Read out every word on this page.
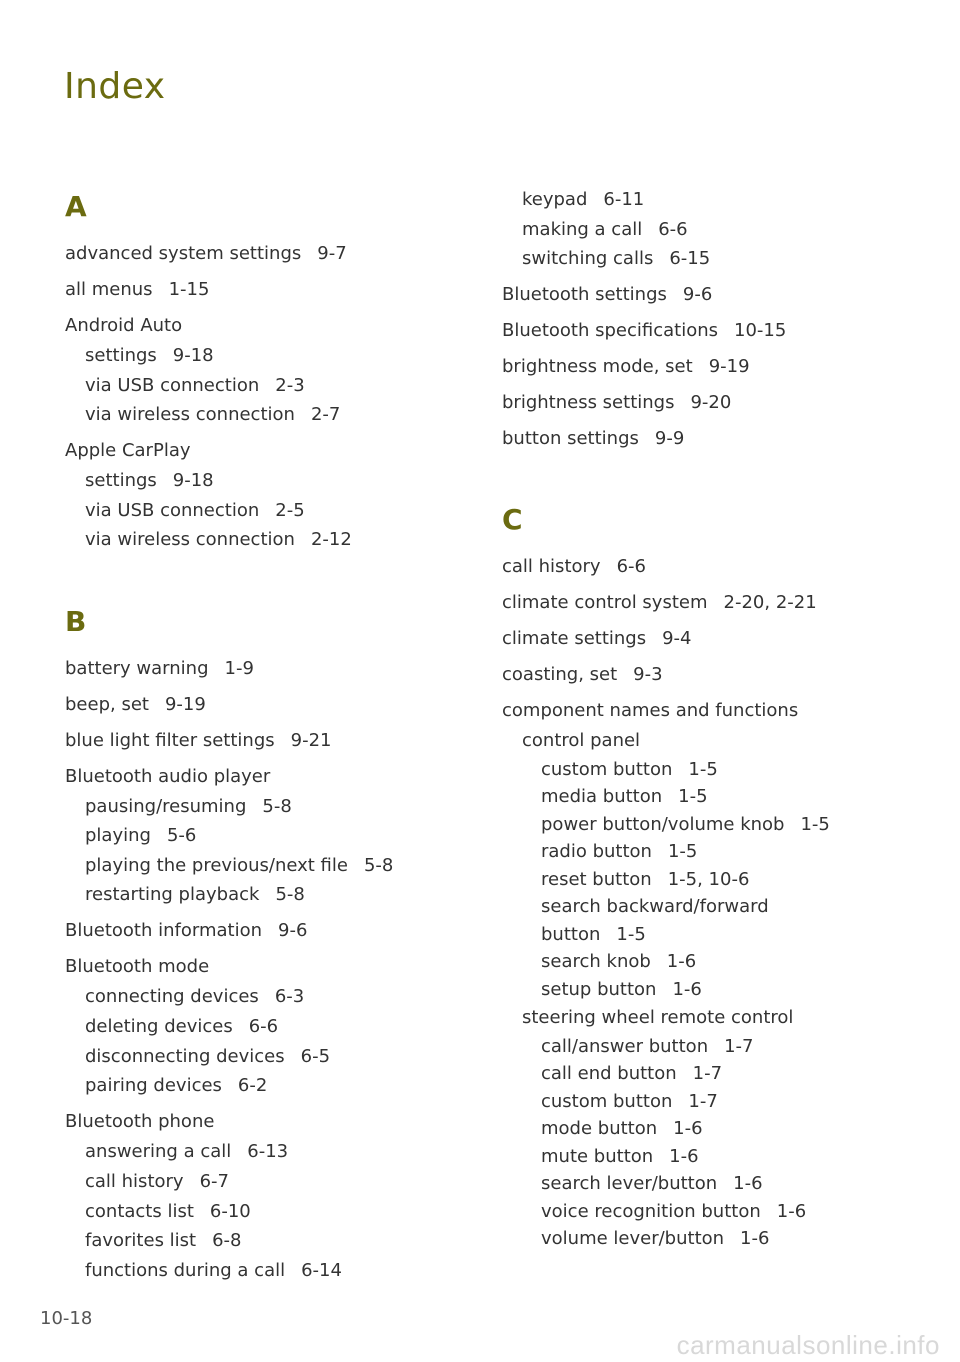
Index
A
advanced system settings 9-7
all menus 1-15
Android Auto
settings 9-18
via USB connection 2-3
via wireless connection 2-7
Apple CarPlay
settings 9-18
via USB connection 2-5
via wireless connection 2-12
B
battery warning 1-9
beep, set 9-19
blue light filter settings 9-21
Bluetooth audio player
pausing/resuming 5-8
playing 5-6
playing the previous/next file 5-8
restarting playback 5-8
Bluetooth information 9-6
Bluetooth mode
connecting devices 6-3
deleting devices 6-6
disconnecting devices 6-5
pairing devices 6-2
Bluetooth phone
answering a call 6-13
call history 6-7
contacts list 6-10
favorites list 6-8
functions during a call 6-14
keypad 6-11
making a call 6-6
switching calls 6-15
Bluetooth settings 9-6
Bluetooth specifications 10-15
brightness mode, set 9-19
brightness settings 9-20
button settings 9-9
C
call history 6-6
climate control system 2-20, 2-21
climate settings 9-4
coasting, set 9-3
component names and functions
control panel
custom button 1-5
media button 1-5
power button/volume knob 1-5
radio button 1-5
reset button 1-5, 10-6
search backward/forward
button 1-5
search knob 1-6
setup button 1-6
steering wheel remote control
call/answer button 1-7
call end button 1-7
custom button 1-7
mode button 1-6
mute button 1-6
search lever/button 1-6
voice recognition button 1-6
volume lever/button 1-6
10-18
carmanualsonline.info
